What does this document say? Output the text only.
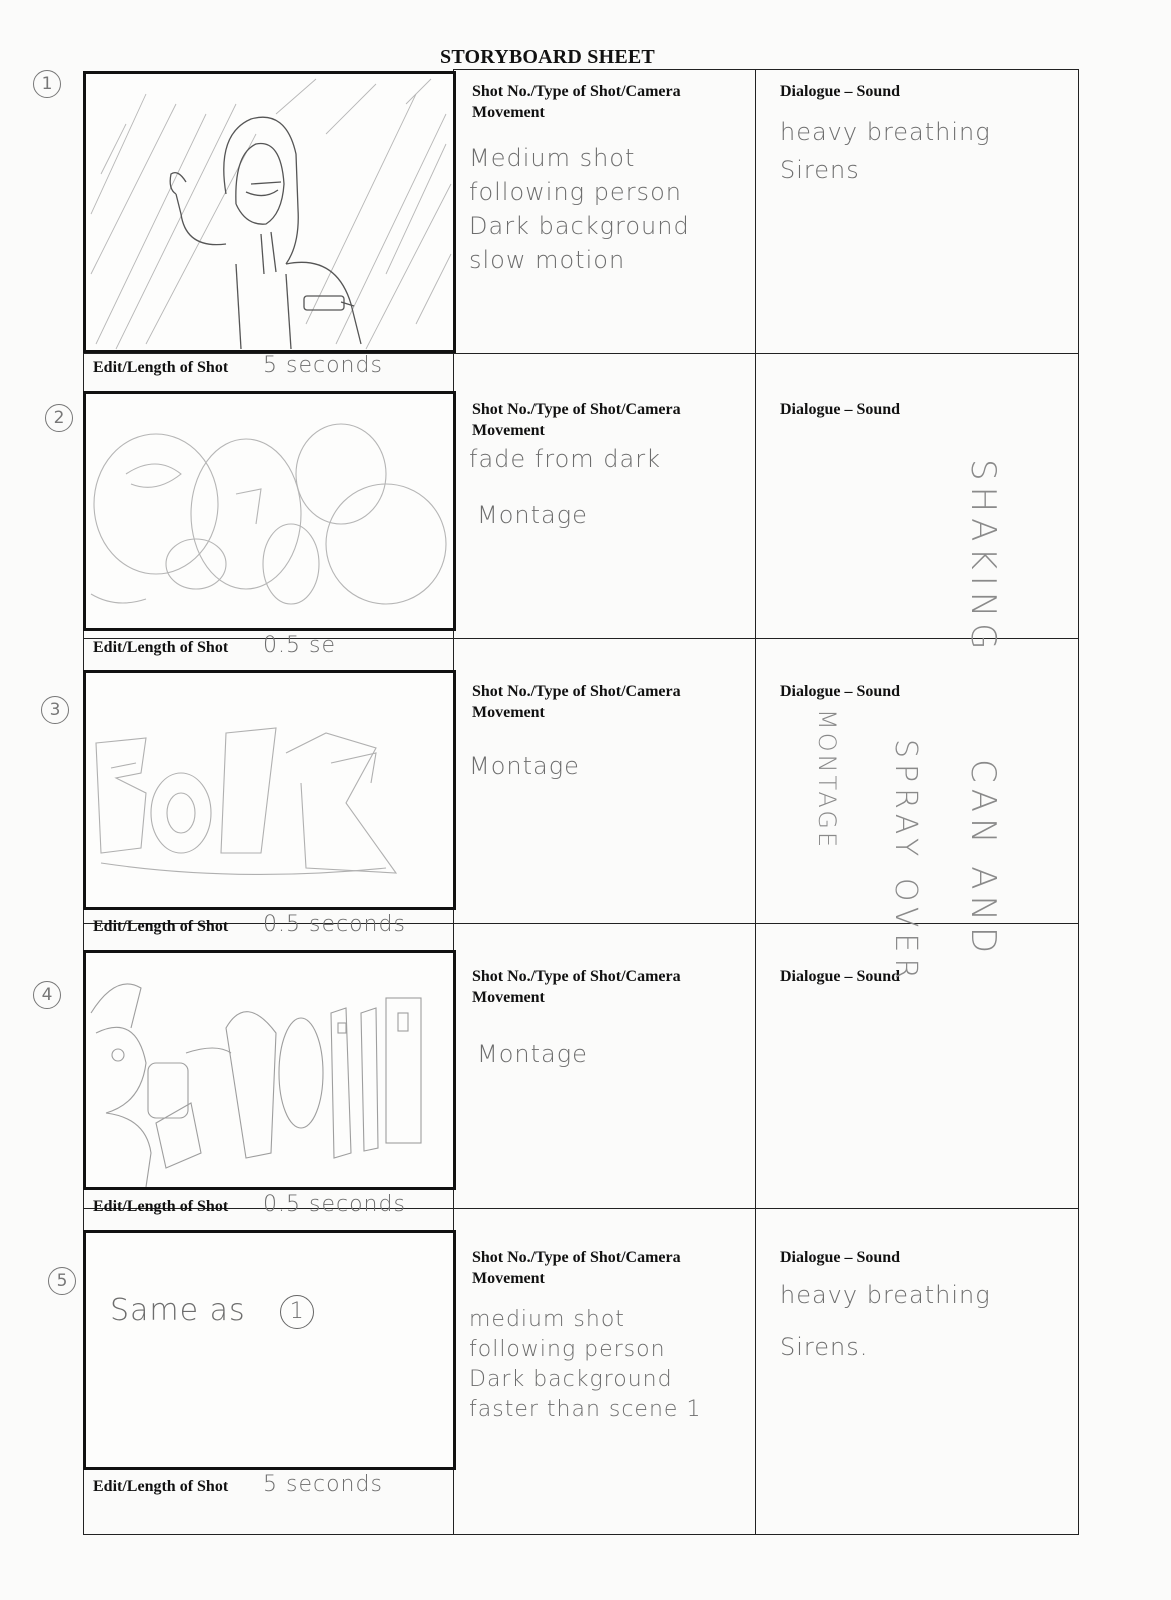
STORYBOARD SHEET
Edit/Length of Shot 5 seconds
Shot No./Type of Shot/Camera Movement
Dialogue – Sound
Medium shot
following person
Dark background
slow motion
heavy breathing
Sirens
Edit/Length of Shot 0.5 se
Shot No./Type of Shot/Camera Movement
Dialogue – Sound
fade from dark
Montage
Edit/Length of Shot 0.5 seconds
Shot No./Type of Shot/Camera Movement
Dialogue – Sound
Montage
Edit/Length of Shot 0.5 seconds
Shot No./Type of Shot/Camera Movement
Dialogue – Sound
Montage
Same as 1
Edit/Length of Shot 5 seconds
Shot No./Type of Shot/Camera Movement
Dialogue – Sound
medium shot
following person
Dark background
faster than scene 1
heavy breathing
Sirens.
SHAKING
MONTAGE SPRAY OVER CAN AND
1
2
3
4
5
